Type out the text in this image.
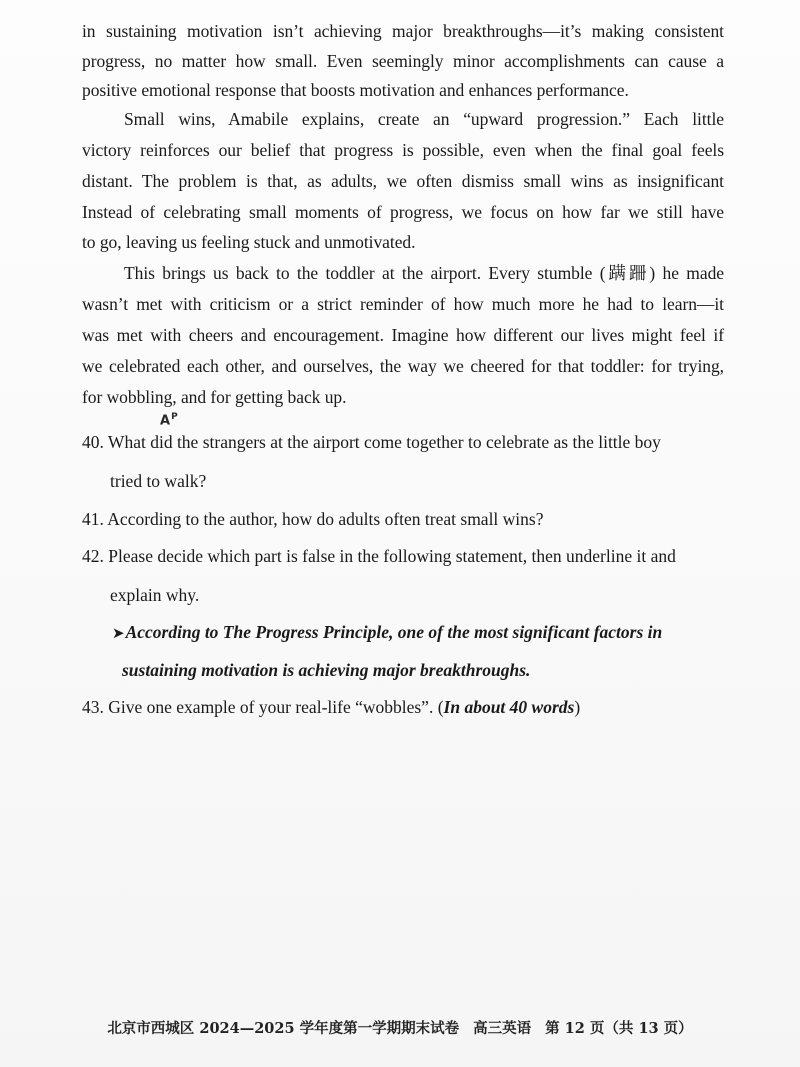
in sustaining motivation isn’t achieving major breakthroughs—it’s making consistent
progress, no matter how small. Even seemingly minor accomplishments can cause a
positive emotional response that boosts motivation and enhances performance.
Small wins, Amabile explains, create an “upward progression.” Each little
victory reinforces our belief that progress is possible, even when the final goal feels
distant. The problem is that, as adults, we often dismiss small wins as insignificant
Instead of celebrating small moments of progress, we focus on how far we still have
to go, leaving us feeling stuck and unmotivated.
This brings us back to the toddler at the airport. Every stumble (蹒跚) he made
wasn’t met with criticism or a strict reminder of how much more he had to learn—it
was met with cheers and encouragement. Imagine how different our lives might feel if
we celebrated each other, and ourselves, the way we cheered for that toddler: for trying,
for wobbling, and for getting back up.
$A^P$
40. What did the strangers at the airport come together to celebrate as the little boy
tried to walk?
41. According to the author, how do adults often treat small wins?
42. Please decide which part is false in the following statement, then underline it and
explain why.
➤According to The Progress Principle, one of the most significant factors in
sustaining motivation is achieving major breakthroughs.
43. Give one example of your real-life “wobbles”. (In about 40 words)
北京市西城区 2024—2025 学年度第一学期期末试卷 高三英语 第 12 页（共 13 页）
